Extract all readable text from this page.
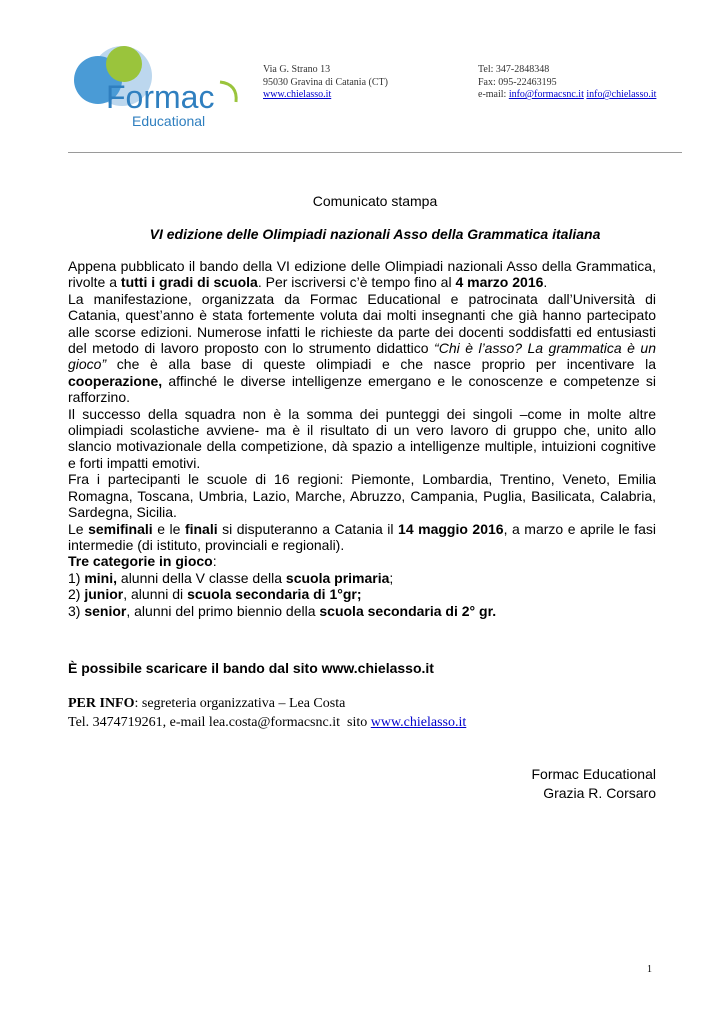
Formac
Educational
Via G. Strano 13
95030 Gravina di Catania (CT)
www.chielasso.it
Tel: 347-2848348
Fax: 095-22463195
e-mail: info@formacsnc.it info@chielasso.it
Comunicato stampa
VI edizione delle Olimpiadi nazionali Asso della Grammatica italiana

Appena pubblicato il bando della VI edizione delle Olimpiadi nazionali Asso della Grammatica, rivolte a tutti i gradi di scuola. Per iscriversi c’è tempo fino al 4 marzo 2016.

La manifestazione, organizzata da Formac Educational e patrocinata dall’Università di Catania, quest’anno è stata fortemente voluta dai molti insegnanti che già hanno partecipato alle scorse edizioni. Numerose infatti le richieste da parte dei docenti soddisfatti ed entusiasti del metodo di lavoro proposto con lo strumento didattico “Chi è l’asso? La grammatica è un gioco” che è alla base di queste olimpiadi e che nasce proprio per incentivare la cooperazione, affinché le diverse intelligenze emergano e le conoscenze e competenze si rafforzino.

Il successo della squadra non è la somma dei punteggi dei singoli –come in molte altre olimpiadi scolastiche avviene- ma è il risultato di un vero lavoro di gruppo che, unito allo slancio motivazionale della competizione, dà spazio a intelligenze multiple, intuizioni cognitive e forti impatti emotivi.

Fra i partecipanti le scuole di 16 regioni: Piemonte, Lombardia, Trentino, Veneto, Emilia Romagna, Toscana, Umbria, Lazio, Marche, Abruzzo, Campania, Puglia, Basilicata, Calabria, Sardegna, Sicilia.

Le semifinali e le finali si disputeranno a Catania il 14 maggio 2016, a marzo e aprile le fasi intermedie (di istituto, provinciali e regionali).

Tre categorie in gioco:

1) mini, alunni della V classe della scuola primaria;

2) junior, alunni di scuola secondaria di 1°gr;

3) senior, alunni del primo biennio della scuola secondaria di 2° gr.

È possibile scaricare il bando dal sito www.chielasso.it
PER INFO: segreteria organizzativa – Lea Costa
Tel. 3474719261, e-mail lea.costa@formacsnc.it  sito www.chielasso.it
Formac Educational
Grazia R. Corsaro
1
